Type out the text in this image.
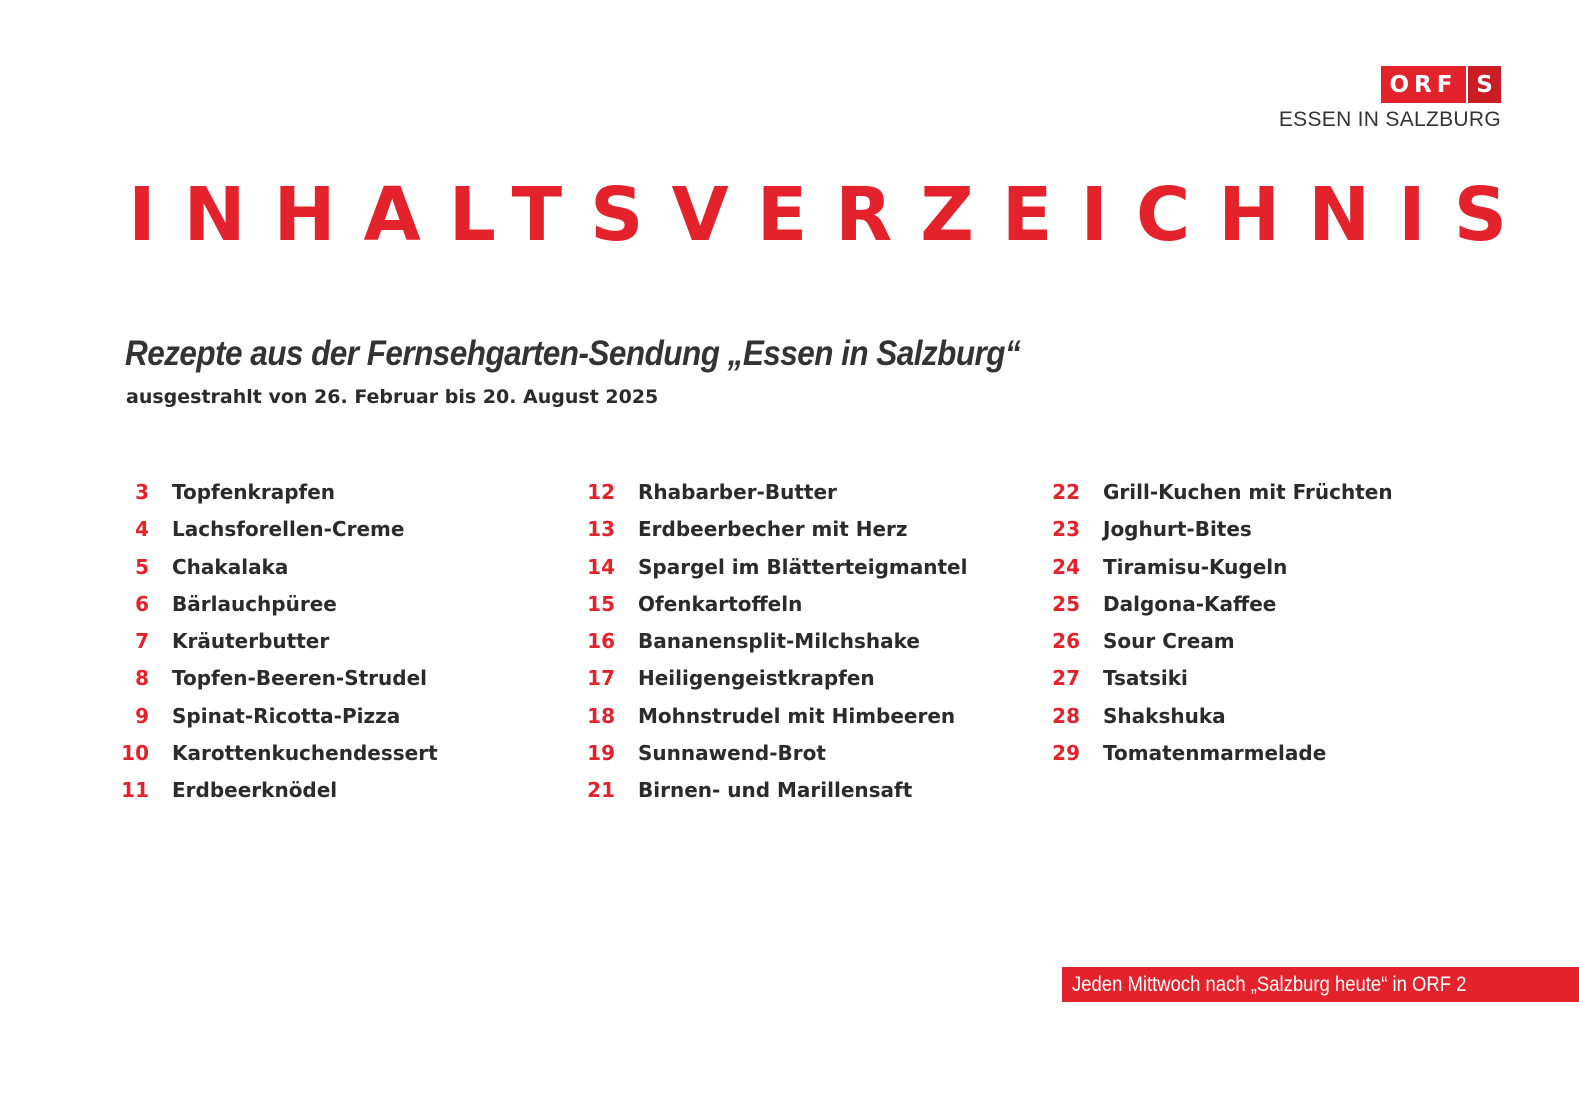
ORF S
ESSEN IN SALZBURG
INHALTSVERZEICHNIS
Rezepte aus der Fernsehgarten-Sendung „Essen in Salzburg“
ausgestrahlt von 26. Februar bis 20. August 2025
3 Topfenkrapfen
4 Lachsforellen-Creme
5 Chakalaka
6 Bärlauchpüree
7 Kräuterbutter
8 Topfen-Beeren-Strudel
9 Spinat-Ricotta-Pizza
10 Karottenkuchendessert
11 Erdbeerknödel
12 Rhabarber-Butter
13 Erdbeerbecher mit Herz
14 Spargel im Blätterteigmantel
15 Ofenkartoffeln
16 Bananensplit-Milchshake
17 Heiligengeistkrapfen
18 Mohnstrudel mit Himbeeren
19 Sunnawend-Brot
21 Birnen- und Marillensaft
22 Grill-Kuchen mit Früchten
23 Joghurt-Bites
24 Tiramisu-Kugeln
25 Dalgona-Kaffee
26 Sour Cream
27 Tsatsiki
28 Shakshuka
29 Tomatenmarmelade
Jeden Mittwoch nach „Salzburg heute“ in ORF 2
